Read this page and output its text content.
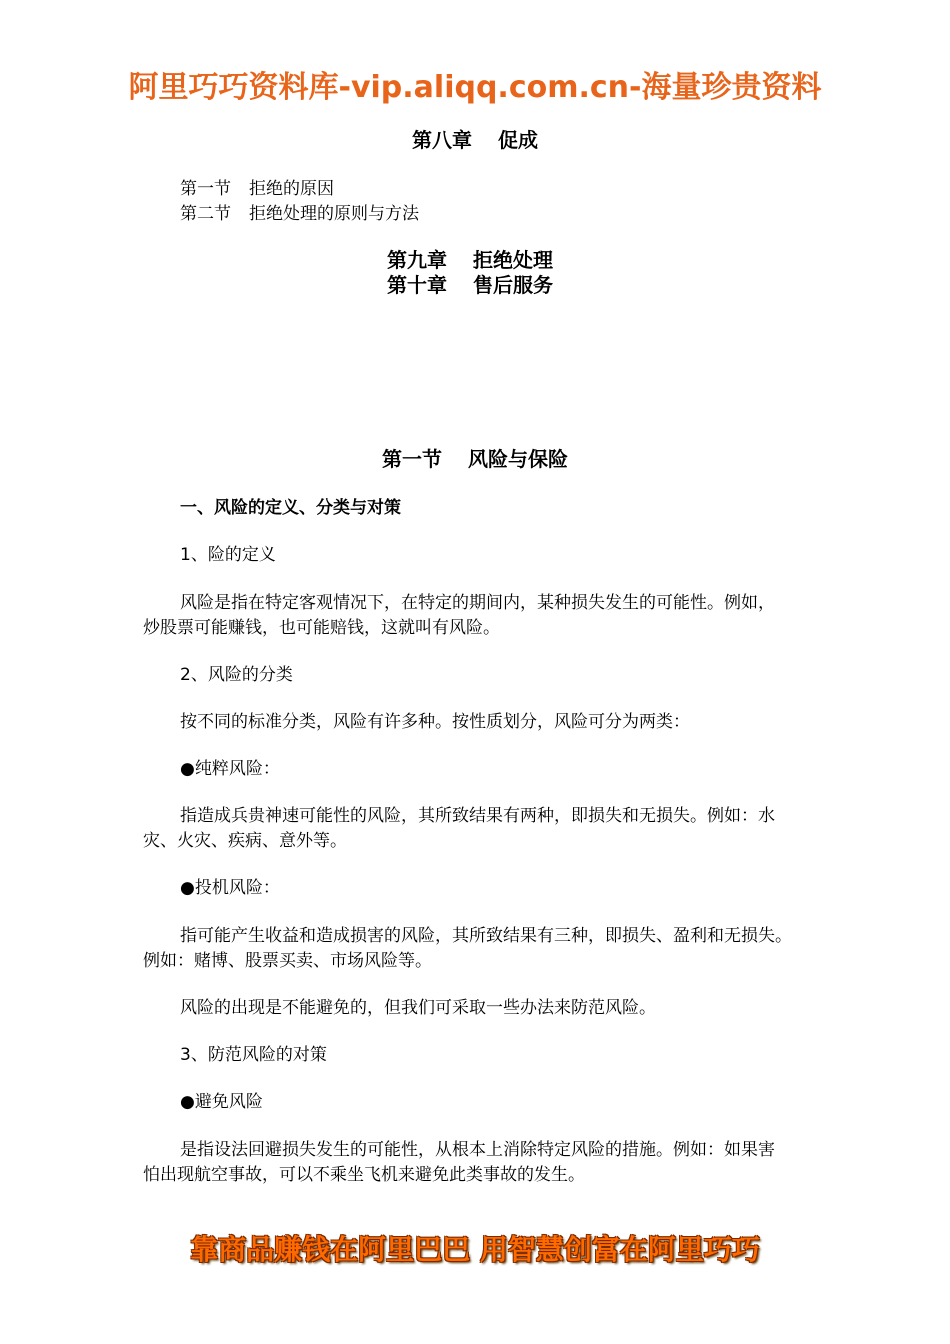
阿里巧巧资料库-vip.aliqq.com.cn-海量珍贵资料
第八章 促成
第一节 拒绝的原因
第二节 拒绝处理的原则与方法
第九章 拒绝处理
第十章 售后服务
第一节 风险与保险
一、风险的定义、分类与对策
1、险的定义
风险是指在特定客观情况下，在特定的期间内，某种损失发生的可能性。例如，
炒股票可能赚钱，也可能赔钱，这就叫有风险。
2、风险的分类
按不同的标准分类，风险有许多种。按性质划分，风险可分为两类：
●纯粹风险：
指造成兵贵神速可能性的风险，其所致结果有两种，即损失和无损失。例如：水
灾、火灾、疾病、意外等。
●投机风险：
指可能产生收益和造成损害的风险，其所致结果有三种，即损失、盈利和无损失。
例如：赌博、股票买卖、市场风险等。
风险的出现是不能避免的，但我们可采取一些办法来防范风险。
3、防范风险的对策
●避免风险
是指设法回避损失发生的可能性，从根本上消除特定风险的措施。例如：如果害
怕出现航空事故，可以不乘坐飞机来避免此类事故的发生。
靠商品赚钱在阿里巴巴 用智慧创富在阿里巧巧
